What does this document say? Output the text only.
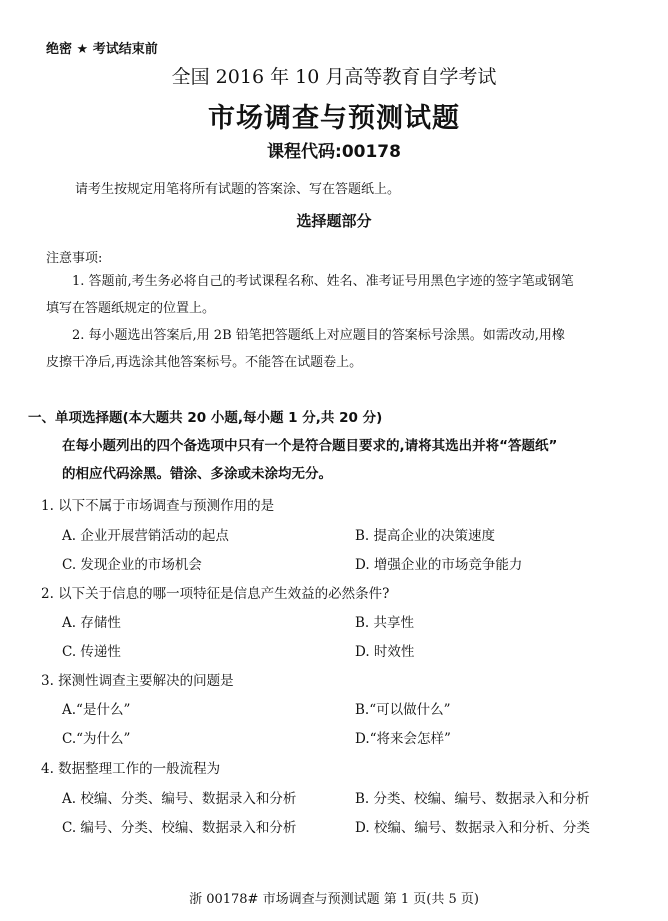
绝密 ★ 考试结束前
全国 2016 年 10 月高等教育自学考试
市场调查与预测试题
课程代码:00178
请考生按规定用笔将所有试题的答案涂、写在答题纸上。
选择题部分
注意事项:
1. 答题前,考生务必将自己的考试课程名称、姓名、准考证号用黑色字迹的签字笔或钢笔
填写在答题纸规定的位置上。
2. 每小题选出答案后,用 2B 铅笔把答题纸上对应题目的答案标号涂黑。如需改动,用橡
皮擦干净后,再选涂其他答案标号。不能答在试题卷上。
一、单项选择题(本大题共 20 小题,每小题 1 分,共 20 分)
在每小题列出的四个备选项中只有一个是符合题目要求的,请将其选出并将“答题纸”
的相应代码涂黑。错涂、多涂或未涂均无分。
1. 以下不属于市场调查与预测作用的是
A. 企业开展营销活动的起点	B. 提高企业的决策速度
C. 发现企业的市场机会	D. 增强企业的市场竞争能力
2. 以下关于信息的哪一项特征是信息产生效益的必然条件?
A. 存储性	B. 共享性
C. 传递性	D. 时效性
3. 探测性调查主要解决的问题是
A.“是什么”	B.“可以做什么”
C.“为什么”	D.“将来会怎样”
4. 数据整理工作的一般流程为
A. 校编、分类、编号、数据录入和分析	B. 分类、校编、编号、数据录入和分析
C. 编号、分类、校编、数据录入和分析	D. 校编、编号、数据录入和分析、分类
浙 00178# 市场调查与预测试题 第 1 页(共 5 页)
